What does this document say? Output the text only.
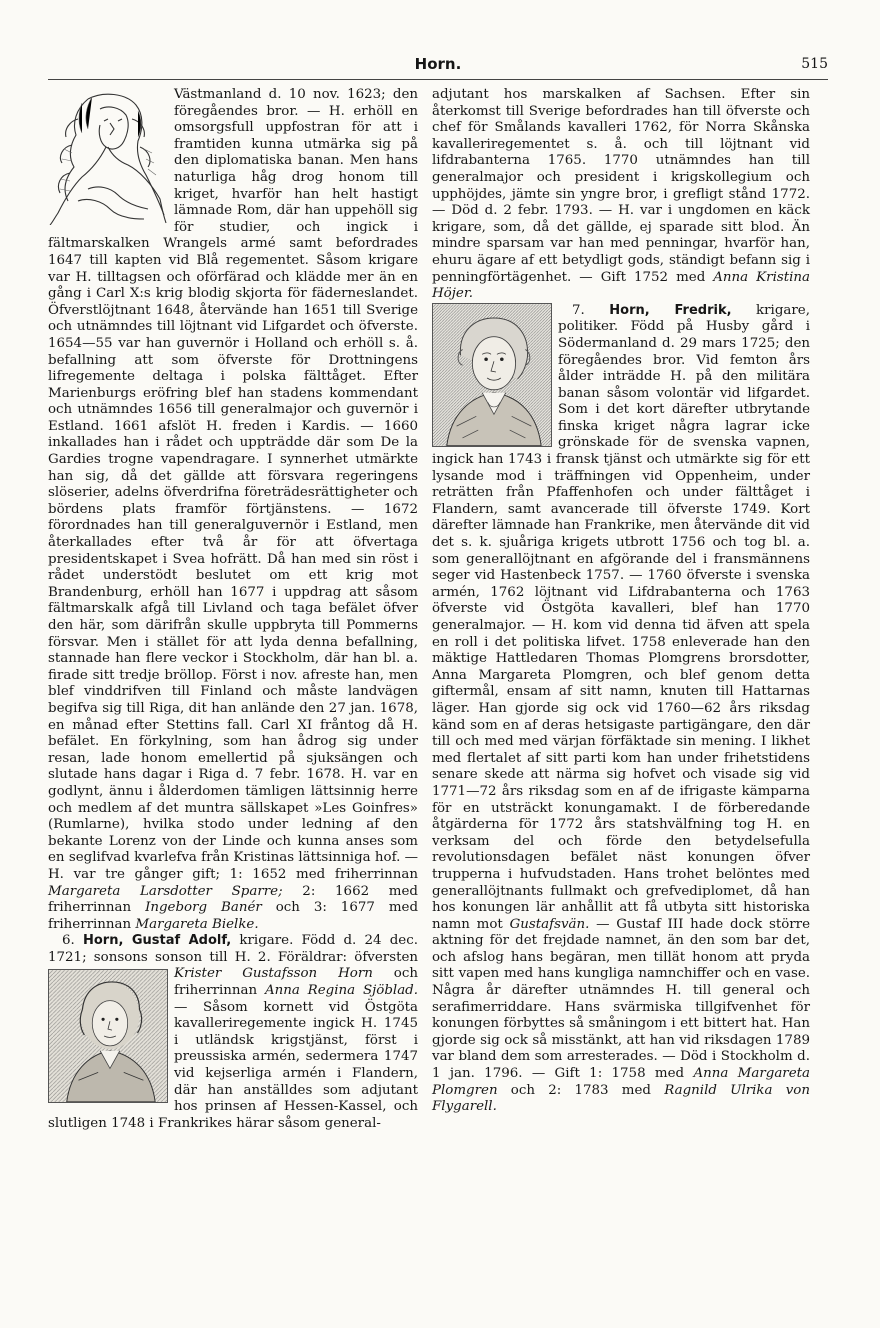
Horn.	515

Västmanland d. 10 nov. 1623; den föregåendes bror. — H. erhöll en omsorgsfull uppfostran för att i framtiden kunna utmärka sig på den diplomatiska banan. Men hans naturliga håg drog honom till kriget, hvarför han helt hastigt lämnade Rom, där han uppehöll sig för studier, och ingick i fältmarskalken Wrangels armé samt befordrades 1647 till kapten vid Blå regementet. Såsom krigare var H. tilltagsen och oförfärad och klädde mer än en gång i Carl X:s krig blodig skjorta för fäderneslandet. Öfverstlöjtnant 1648, återvände han 1651 till Sverige och utnämndes till löjtnant vid Lifgardet och öfverste. 1654—55 var han guvernör i Holland och erhöll s. å. befallning att som öfverste för Drottningens lifregemente deltaga i polska fälttåget. Efter Marienburgs eröfring blef han stadens kommendant och utnämndes 1656 till generalmajor och guvernör i Estland. 1661 afslöt H. freden i Kardis. — 1660 inkallades han i rådet och uppträdde där som De la Gardies trogne vapendragare. I synnerhet utmärkte han sig, då det gällde att försvara regeringens slöserier, adelns öfverdrifna företrädesrättigheter och bördens plats framför förtjänstens. — 1672 förordnades han till generalguvernör i Estland, men återkallades efter två år för att öfvertaga presidentskapet i Svea hofrätt. Då han med sin röst i rådet understödt beslutet om ett krig mot Brandenburg, erhöll han 1677 i uppdrag att såsom fältmarskalk afgå till Livland och taga befälet öfver den här, som därifrån skulle uppbryta till Pommerns försvar. Men i stället för att lyda denna befallning, stannade han flere veckor i Stockholm, där han bl. a. firade sitt tredje bröllop. Först i nov. afreste han, men blef vinddrifven till Finland och måste landvägen begifva sig till Riga, dit han anlände den 27 jan. 1678, en månad efter Stettins fall. Carl XI fråntog då H. befälet. En förkylning, som han ådrog sig under resan, lade honom emellertid på sjuksängen och slutade hans dagar i Riga d. 7 febr. 1678. H. var en godlynt, ännu i ålderdomen tämligen lättsinnig herre och medlem af det muntra sällskapet »Les Goinfres» (Rumlarne), hvilka stodo under ledning af den bekante Lorenz von der Linde och kunna anses som en seglifvad kvarlefva från Kristinas lättsinniga hof. — H. var tre gånger gift; 1: 1652 med friherrinnan Margareta Larsdotter Sparre; 2: 1662 med friherrinnan Ingeborg Banér och 3: 1677 med friherrinnan Margareta Bielke.

6. Horn, Gustaf Adolf, krigare. Född d. 24 dec. 1721; sonsons sonson till H. 2. Föräldrar: öfversten
Krister Gustafsson Horn och friherrinnan Anna Regina Sjöblad. — Såsom kornett vid Östgöta kavalleriregemente ingick H. 1745 i utländsk krigstjänst, först i preussiska armén, sedermera 1747 vid kejserliga armén i Flandern, där han anställdes som adjutant hos prinsen af Hessen-Kassel, och slutligen 1748 i Frankrikes härar såsom general-

adjutant hos marskalken af Sachsen. Efter sin återkomst till Sverige befordrades han till öfverste och chef för Smålands kavalleri 1762, för Norra Skånska kavalleriregementet s. å. och till löjtnant vid lifdrabanterna 1765. 1770 utnämndes han till generalmajor och president i krigskollegium och upphöjdes, jämte sin yngre bror, i grefligt stånd 1772. — Död d. 2 febr. 1793. — H. var i ungdomen en käck krigare, som, då det gällde, ej sparade sitt blod. Än mindre sparsam var han med penningar, hvarför han, ehuru ägare af ett betydligt gods, ständigt befann sig i penningförtägenhet. — Gift 1752 med Anna Kristina Höjer.

7. Horn, Fredrik,
krigare, politiker. Född på Husby gård i Södermanland d. 29 mars 1725; den föregåendes bror. Vid femton års ålder inträdde H. på den militära banan såsom volontär vid lifgardet. Som i det kort därefter utbrytande finska kriget några lagrar icke grönskade för de svenska vapnen, ingick han 1743 i fransk tjänst och utmärkte sig för ett lysande mod i träffningen vid Oppenheim, under reträtten från Pfaffenhofen och under fälttåget i Flandern, samt avancerade till öfverste 1749. Kort därefter lämnade han Frankrike, men återvände dit vid det s. k. sjuåriga krigets utbrott 1756 och tog bl. a. som generallöjtnant en afgörande del i fransmännens seger vid Hastenbeck 1757. — 1760 öfverste i svenska armén, 1762 löjtnant vid Lifdrabanterna och 1763 öfverste vid Östgöta kavalleri, blef han 1770 generalmajor. — H. kom vid denna tid äfven att spela en roll i det politiska lifvet. 1758 enleverade han den mäktige Hattledaren Thomas Plomgrens brorsdotter, Anna Margareta Plomgren, och blef genom detta giftermål, ensam af sitt namn, knuten till Hattarnas läger. Han gjorde sig ock vid 1760—62 års riksdag känd som en af deras hetsigaste partigängare, den där till och med med värjan förfäktade sin mening. I likhet med flertalet af sitt parti kom han under frihetstidens senare skede att närma sig hofvet och visade sig vid 1771—72 års riksdag som en af de ifrigaste kämparna för en utsträckt konungamakt. I de förberedande åtgärderna för 1772 års statshvälfning tog H. en verksam del och förde den betydelsefulla revolutionsdagen befälet näst konungen öfver trupperna i hufvudstaden. Hans trohet belöntes med generallöjtnants fullmakt och grefvediplomet, då han hos konungen lär anhållit att få utbyta sitt historiska namn mot Gustafsvän. — Gustaf III hade dock större aktning för det frejdade namnet, än den som bar det, och afslog hans begäran, men tillät honom att pryda sitt vapen med hans kungliga namnchiffer och en vase. Några år därefter utnämndes H. till general och serafimerriddare. Hans svärmiska tillgifvenhet för konungen förbyttes så småningom i ett bittert hat. Han gjorde sig ock så misstänkt, att han vid riksdagen 1789 var bland dem som arresterades. — Död i Stockholm d. 1 jan. 1796. — Gift 1: 1758 med Anna Margareta Plomgren och 2: 1783 med Ragnild Ulrika von Flygarell.
